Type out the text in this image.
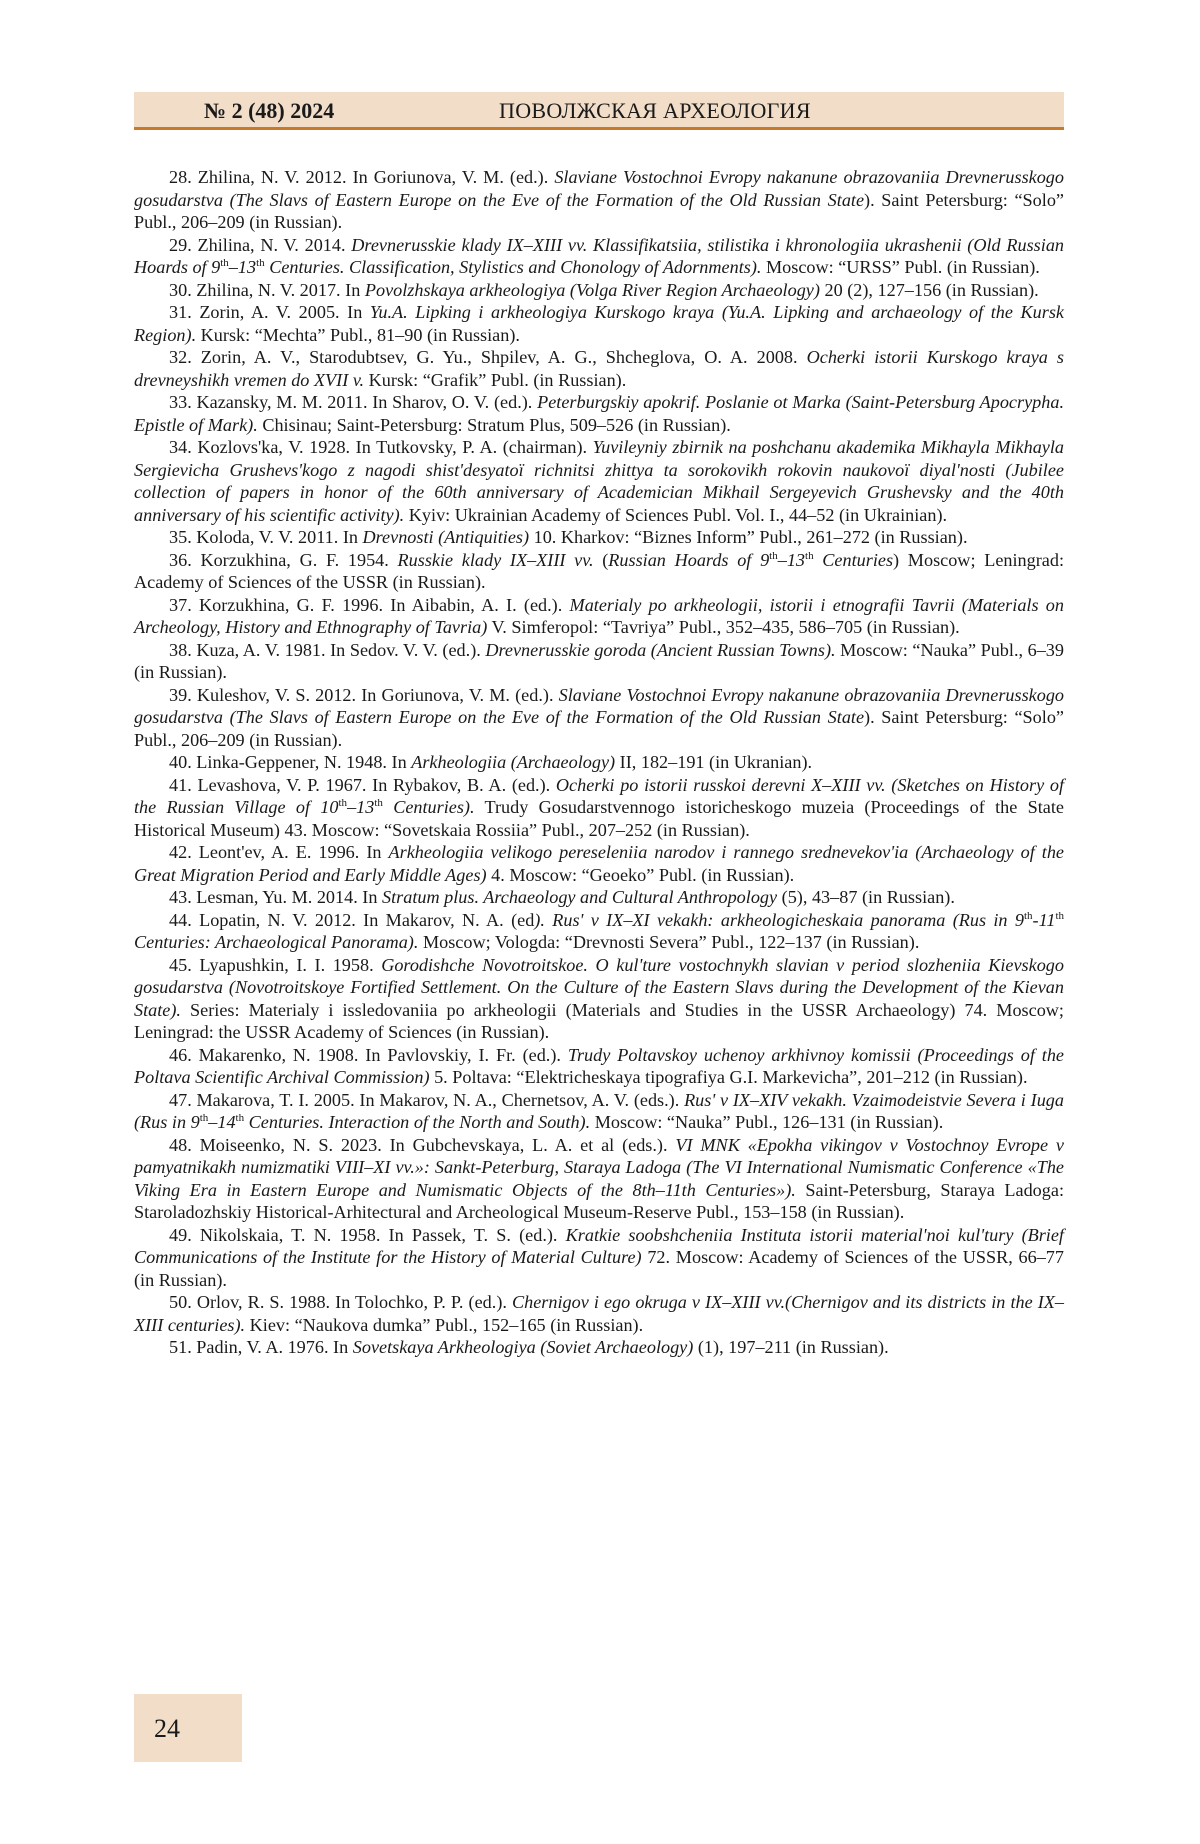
№ 2 (48) 2024	ПОВОЛЖСКАЯ АРХЕОЛОГИЯ

28. Zhilina, N. V. 2012. In Goriunova, V. M. (ed.). Slaviane Vostochnoi Evropy nakanune obrazovaniia Drevnerusskogo gosudarstva (The Slavs of Eastern Europe on the Eve of the Formation of the Old Russian State). Saint Petersburg: “Solo” Publ., 206–209 (in Russian).

29. Zhilina, N. V. 2014. Drevnerusskie klady IX–XIII vv. Klassifikatsiia, stilistika i khronologiia ukrashenii (Old Russian Hoards of 9th–13th Centuries. Classification, Stylistics and Chonology of Adornments). Moscow: “URSS” Publ. (in Russian).

30. Zhilina, N. V. 2017. In Povolzhskaya arkheologiya (Volga River Region Archaeology) 20 (2), 127–156 (in Russian).

31. Zorin, A. V. 2005. In Yu.A. Lipking i arkheologiya Kurskogo kraya (Yu.A. Lipking and archaeology of the Kursk Region). Kursk: “Mechta” Publ., 81–90 (in Russian).

32. Zorin, A. V., Starodubtsev, G. Yu., Shpilev, A. G., Shcheglova, O. A. 2008. Ocherki istorii Kurskogo kraya s drevneyshikh vremen do XVII v. Kursk: “Grafik” Publ. (in Russian).

33. Kazansky, M. M. 2011. In Sharov, O. V. (ed.). Peterburgskiy apokrif. Poslanie ot Marka (Saint-Petersburg Apocrypha. Epistle of Mark). Chisinau; Saint-Petersburg: Stratum Plus, 509–526 (in Russian).

34. Kozlovs'ka, V. 1928. In Tutkovsky, P. A. (chairman). Yuvileyniy zbirnik na poshchanu akademika Mikhayla Mikhayla Sergievicha Grushevs'kogo z nagodi shist'desyatoï richnitsi zhittya ta sorokovikh rokovin naukovoï diyal'nosti (Jubilee collection of papers in honor of the 60th anniversary of Academician Mikhail Sergeyevich Grushevsky and the 40th anniversary of his scientific activity). Kyiv: Ukrainian Academy of Sciences Publ. Vol. I., 44–52 (in Ukrainian).

35. Koloda, V. V. 2011. In Drevnosti (Antiquities) 10. Kharkov: “Biznes Inform” Publ., 261–272 (in Russian).

36. Korzukhina, G. F. 1954. Russkie klady IX–XIII vv. (Russian Hoards of 9th–13th Centuries) Moscow; Leningrad: Academy of Sciences of the USSR (in Russian).

37. Korzukhina, G. F. 1996. In Aibabin, A. I. (ed.). Materialy po arkheologii, istorii i etnografii Tavrii (Materials on Archeology, History and Ethnography of Tavria) V. Simferopol: “Tavriya” Publ., 352–435, 586–705 (in Russian).

38. Kuza, A. V. 1981. In Sedov. V. V. (ed.). Drevnerusskie goroda (Ancient Russian Towns). Moscow: “Nauka” Publ., 6–39 (in Russian).

39. Kuleshov, V. S. 2012. In Goriunova, V. M. (ed.). Slaviane Vostochnoi Evropy nakanune obrazovaniia Drevnerusskogo gosudarstva (The Slavs of Eastern Europe on the Eve of the Formation of the Old Russian State). Saint Petersburg: “Solo” Publ., 206–209 (in Russian).

40. Linka-Geppener, N. 1948. In Arkheologiia (Archaeology) II, 182–191 (in Ukranian).

41. Levashova, V. P. 1967. In Rybakov, B. A. (ed.). Ocherki po istorii russkoi derevni X–XIII vv. (Sketches on History of the Russian Village of 10th–13th Centuries). Trudy Gosudarstvennogo istoricheskogo muzeia (Proceedings of the State Historical Museum) 43. Moscow: “Sovetskaia Rossiia” Publ., 207–252 (in Russian).

42. Leont'ev, A. E. 1996. In Arkheologiia velikogo pereseleniia narodov i rannego srednevekov'ia (Archaeology of the Great Migration Period and Early Middle Ages) 4. Moscow: “Geoeko” Publ. (in Russian).

43. Lesman, Yu. M. 2014. In Stratum plus. Archaeology and Cultural Anthropology (5), 43–87 (in Russian).

44. Lopatin, N. V. 2012. In Makarov, N. A. (ed). Rus' v IX–XI vekakh: arkheologicheskaia panorama (Rus in 9th-11th Centuries: Archaeological Panorama). Moscow; Vologda: “Drevnosti Severa” Publ., 122–137 (in Russian).

45. Lyapushkin, I. I. 1958. Gorodishche Novotroitskoe. O kul'ture vostochnykh slavian v period slozheniia Kievskogo gosudarstva (Novotroitskoye Fortified Settlement. On the Culture of the Eastern Slavs during the Development of the Kievan State). Series: Materialy i issledovaniia po arkheologii (Materials and Studies in the USSR Archaeology) 74. Moscow; Leningrad: the USSR Academy of Sciences (in Russian).

46. Makarenko, N. 1908. In Pavlovskiy, I. Fr. (ed.). Trudy Poltavskoy uchenoy arkhivnoy komissii (Proceedings of the Poltava Scientific Archival Commission) 5. Poltava: “Elektricheskaya tipografiya G.I. Markevicha”, 201–212 (in Russian).

47. Makarova, T. I. 2005. In Makarov, N. A., Chernetsov, A. V. (eds.). Rus' v IX–XIV vekakh. Vzaimodeistvie Severa i Iuga (Rus in 9th–14th Centuries. Interaction of the North and South). Moscow: “Nauka” Publ., 126–131 (in Russian).

48. Moiseenko, N. S. 2023. In Gubchevskaya, L. A. et al (eds.). VI MNK «Epokha vikingov v Vostochnoy Evrope v pamyatnikakh numizmatiki VIII–XI vv.»: Sankt-Peterburg, Staraya Ladoga (The VI International Numismatic Conference «The Viking Era in Eastern Europe and Numismatic Objects of the 8th–11th Centuries»). Saint-Petersburg, Staraya Ladoga: Staroladozhskiy Historical-Arhitectural and Archeological Museum-Reserve Publ., 153–158 (in Russian).

49. Nikolskaia, T. N. 1958. In Passek, T. S. (ed.). Kratkie soobshcheniia Instituta istorii material'noi kul'tury (Brief Communications of the Institute for the History of Material Culture) 72. Moscow: Academy of Sciences of the USSR, 66–77 (in Russian).

50. Orlov, R. S. 1988. In Tolochko, P. P. (ed.). Chernigov i ego okruga v IX–XIII vv.(Chernigov and its districts in the IX–XIII centuries). Kiev: “Naukova dumka” Publ., 152–165 (in Russian).

51. Padin, V. A. 1976. In Sovetskaya Arkheologiya (Soviet Archaeology) (1), 197–211 (in Russian).

24
